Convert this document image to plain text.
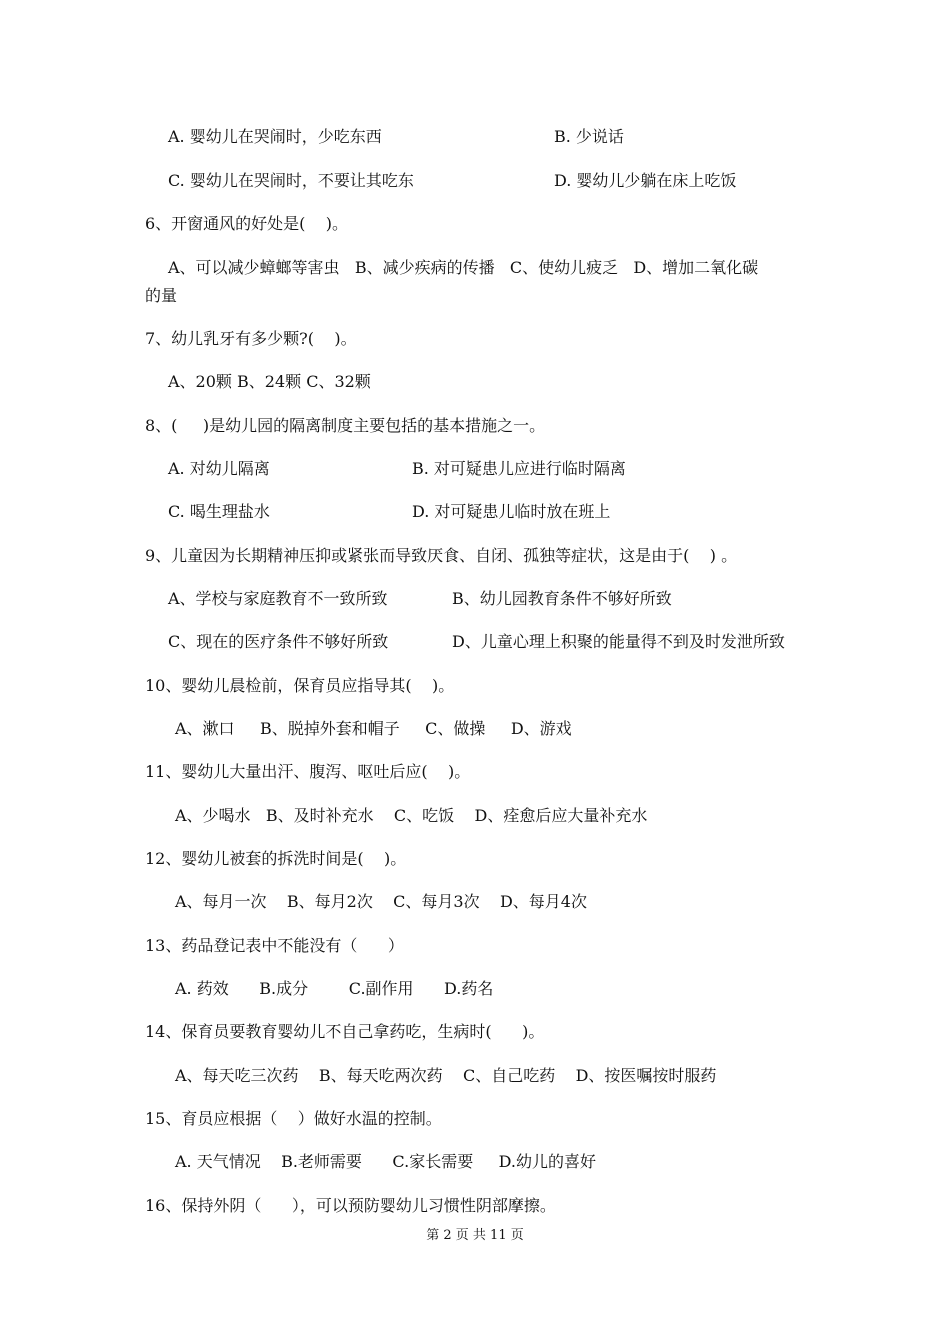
A. 婴幼儿在哭闹时，少吃东西	B. 少说话
C. 婴幼儿在哭闹时，不要让其吃东	D. 婴幼儿少躺在床上吃饭
6、开窗通风的好处是(    )。
A、可以减少蟑螂等害虫   B、减少疾病的传播   C、使幼儿疲乏   D、增加二氧化碳
的量
7、幼儿乳牙有多少颗?(    )。
A、20颗 B、24颗 C、32颗
8、(     )是幼儿园的隔离制度主要包括的基本措施之一。
A. 对幼儿隔离	B. 对可疑患儿应进行临时隔离
C. 喝生理盐水	D. 对可疑患儿临时放在班上
9、儿童因为长期精神压抑或紧张而导致厌食、自闭、孤独等症状，这是由于(    ) 。
A、学校与家庭教育不一致所致	B、幼儿园教育条件不够好所致
C、现在的医疗条件不够好所致	D、儿童心理上积聚的能量得不到及时发泄所致
10、婴幼儿晨检前，保育员应指导其(    )。
A、漱口     B、脱掉外套和帽子     C、做操     D、游戏
11、婴幼儿大量出汗、腹泻、呕吐后应(    )。
A、少喝水   B、及时补充水    C、吃饭    D、痊愈后应大量补充水
12、婴幼儿被套的拆洗时间是(    )。
A、每月一次    B、每月2次    C、每月3次    D、每月4次
13、药品登记表中不能没有（      ）
A. 药效      B.成分        C.副作用      D.药名
14、保育员要教育婴幼儿不自己拿药吃，生病时(      )。
A、每天吃三次药    B、每天吃两次药    C、自己吃药    D、按医嘱按时服药
15、育员应根据（    ）做好水温的控制。
A. 天气情况    B.老师需要      C.家长需要     D.幼儿的喜好
16、保持外阴（      ），可以预防婴幼儿习惯性阴部摩擦。
第 2 页 共 11 页
